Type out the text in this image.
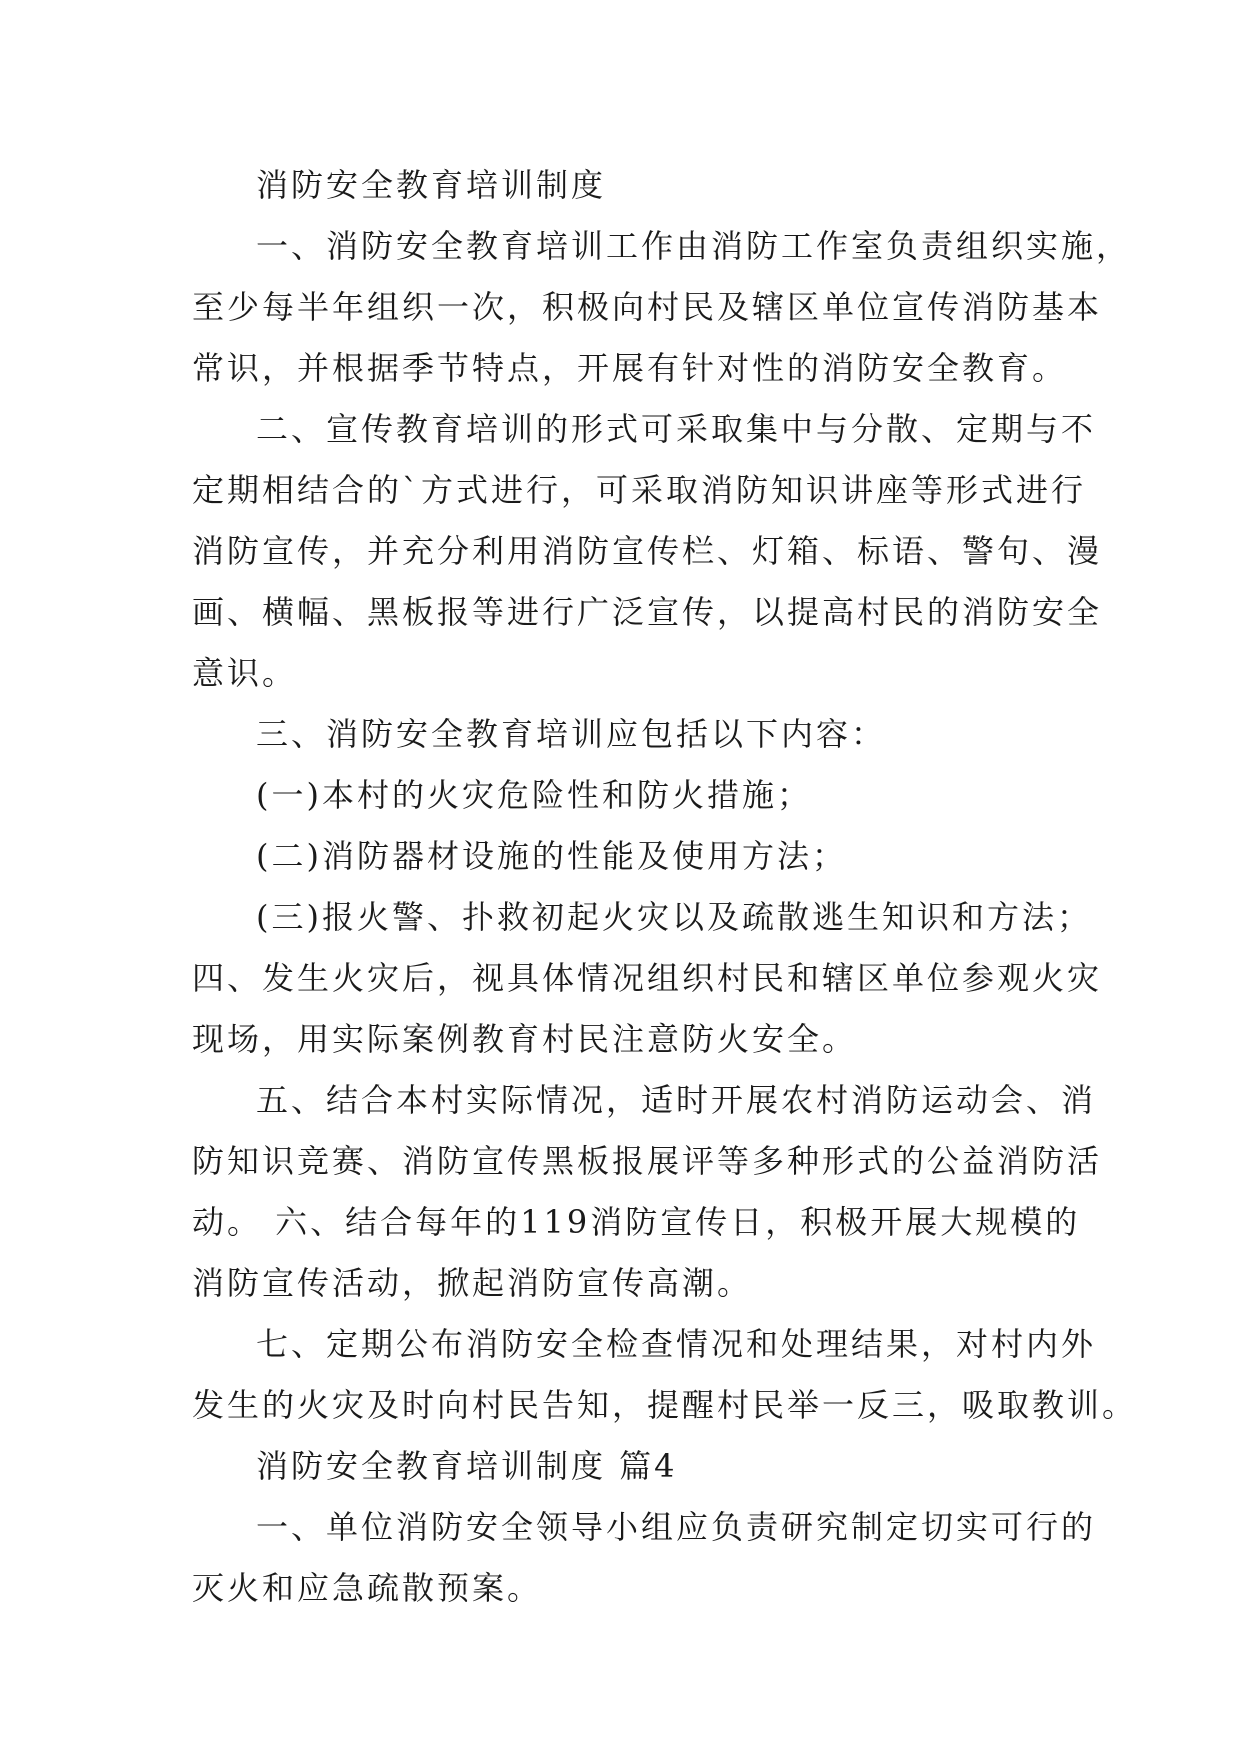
消防安全教育培训制度
一、消防安全教育培训工作由消防工作室负责组织实施，
至少每半年组织一次，积极向村民及辖区单位宣传消防基本
常识，并根据季节特点，开展有针对性的消防安全教育。
二、宣传教育培训的形式可采取集中与分散、定期与不
定期相结合的`方式进行，可采取消防知识讲座等形式进行
消防宣传，并充分利用消防宣传栏、灯箱、标语、警句、漫
画、横幅、黑板报等进行广泛宣传，以提高村民的消防安全
意识。
三、消防安全教育培训应包括以下内容：
(一)本村的火灾危险性和防火措施；
(二)消防器材设施的性能及使用方法；
(三)报火警、扑救初起火灾以及疏散逃生知识和方法；
四、发生火灾后，视具体情况组织村民和辖区单位参观火灾
现场，用实际案例教育村民注意防火安全。
五、结合本村实际情况，适时开展农村消防运动会、消
防知识竞赛、消防宣传黑板报展评等多种形式的公益消防活
动。 六、结合每年的119消防宣传日，积极开展大规模的
消防宣传活动，掀起消防宣传高潮。
七、定期公布消防安全检查情况和处理结果，对村内外
发生的火灾及时向村民告知，提醒村民举一反三，吸取教训。
消防安全教育培训制度 篇4
一、单位消防安全领导小组应负责研究制定切实可行的
灭火和应急疏散预案。
